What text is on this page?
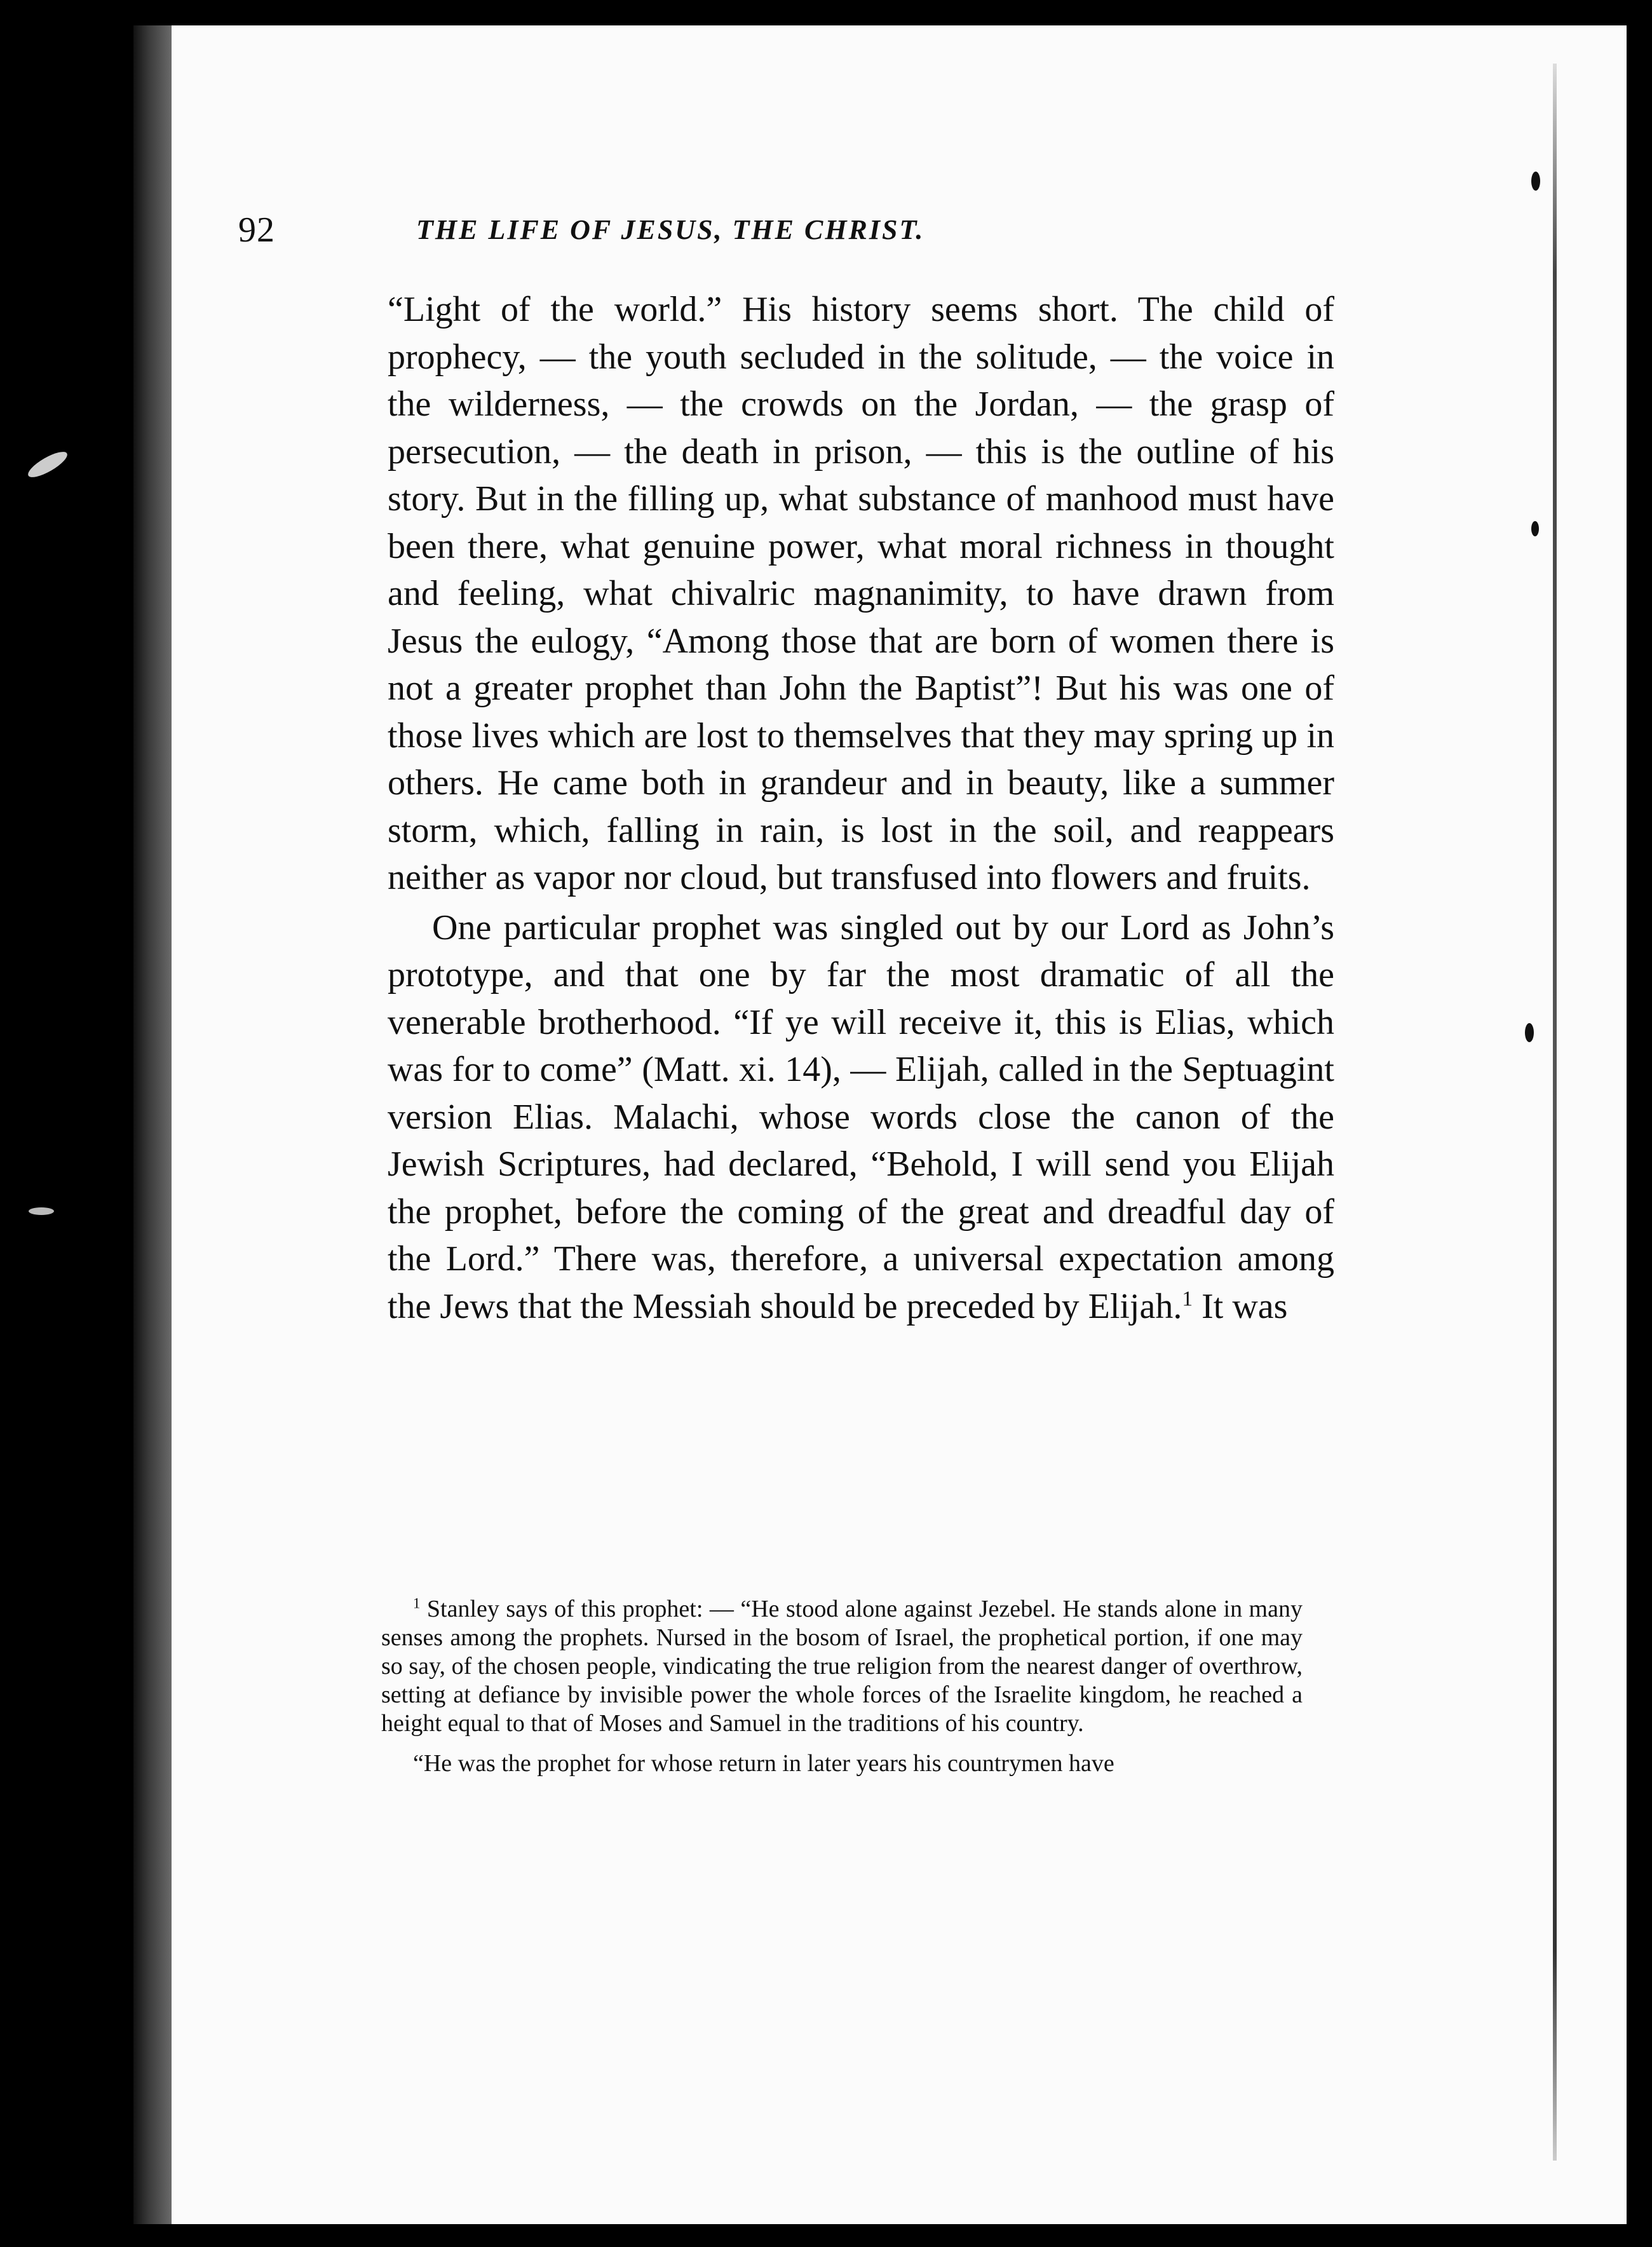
92	THE LIFE OF JESUS, THE CHRIST.

“Light of the world.” His history seems short. The child of prophecy, — the youth secluded in the solitude, — the voice in the wilderness, — the crowds on the Jordan, — the grasp of persecution, — the death in prison, — this is the outline of his story. But in the filling up, what substance of manhood must have been there, what genuine power, what moral richness in thought and feeling, what chivalric magnanimity, to have drawn from Jesus the eulogy, “Among those that are born of women there is not a greater prophet than John the Baptist”! But his was one of those lives which are lost to themselves that they may spring up in others. He came both in grandeur and in beauty, like a summer storm, which, falling in rain, is lost in the soil, and reappears neither as vapor nor cloud, but transfused into flowers and fruits.

One particular prophet was singled out by our Lord as John’s prototype, and that one by far the most dramatic of all the venerable brotherhood. “If ye will receive it, this is Elias, which was for to come” (Matt. xi. 14), — Elijah, called in the Septuagint version Elias. Malachi, whose words close the canon of the Jewish Scriptures, had declared, “Behold, I will send you Elijah the prophet, before the coming of the great and dreadful day of the Lord.” There was, therefore, a universal expectation among the Jews that the Messiah should be preceded by Elijah.$^1$ It was

$^1$ Stanley says of this prophet: — “He stood alone against Jezebel. He stands alone in many senses among the prophets. Nursed in the bosom of Israel, the prophetical portion, if one may so say, of the chosen people, vindicating the true religion from the nearest danger of overthrow, setting at defiance by invisible power the whole forces of the Israelite kingdom, he reached a height equal to that of Moses and Samuel in the traditions of his country.

“He was the prophet for whose return in later years his countrymen have
